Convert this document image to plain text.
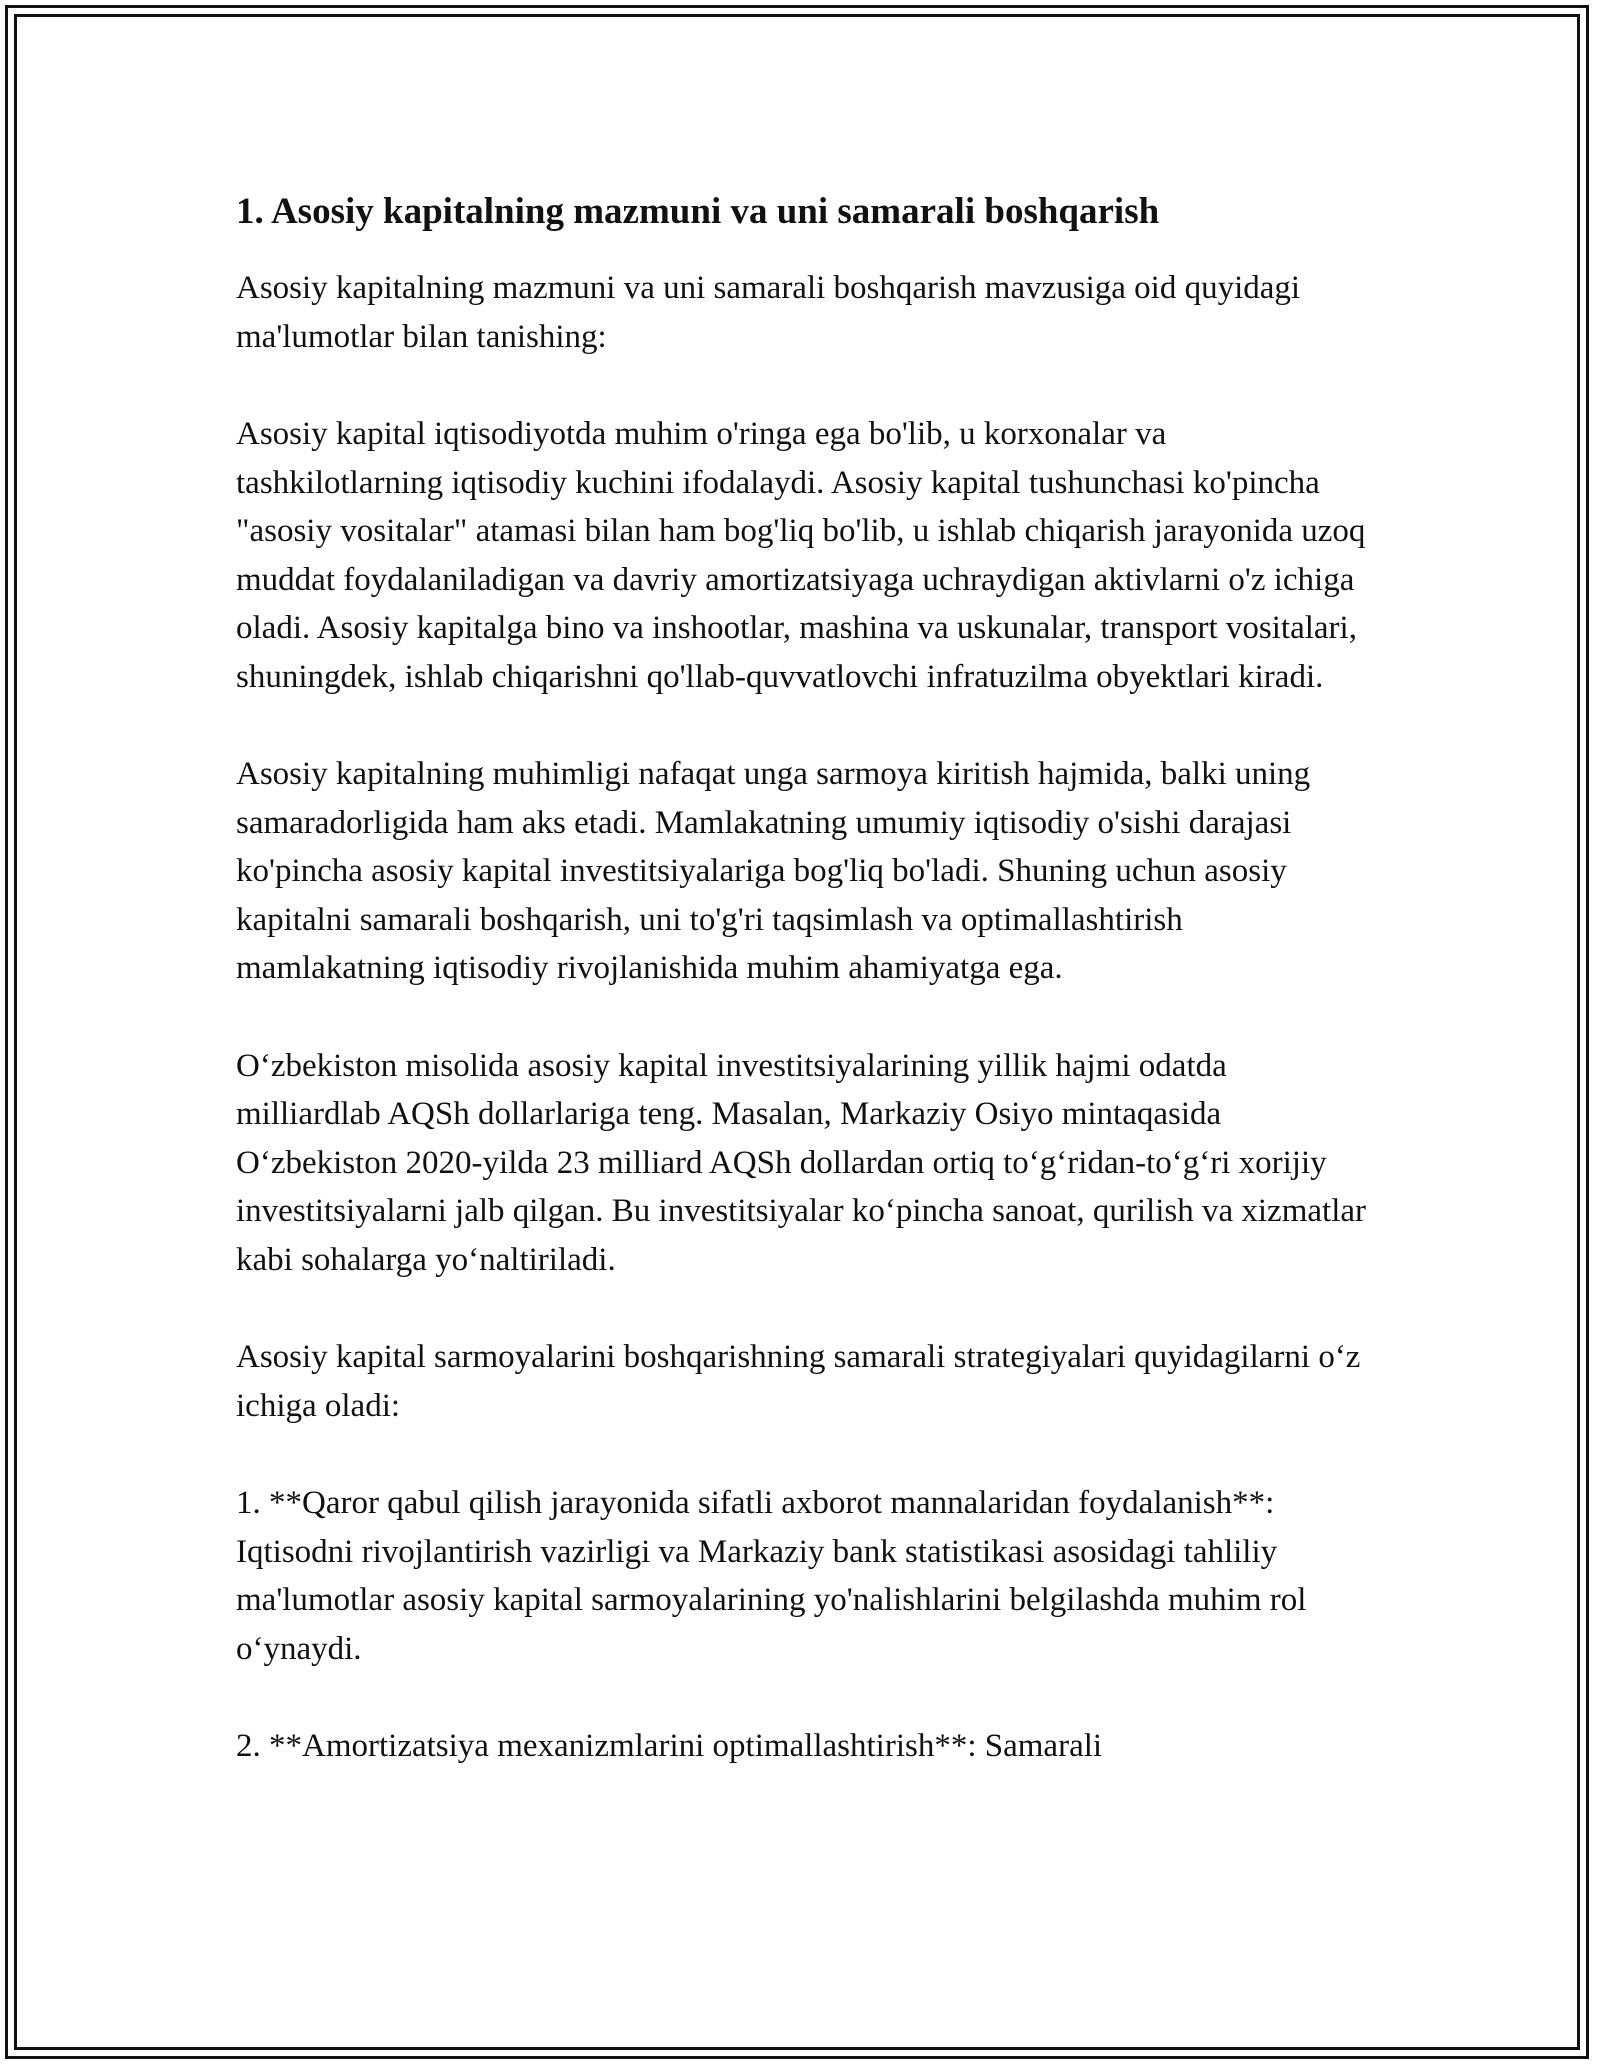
1. Asosiy kapitalning mazmuni va uni samarali boshqarish

Asosiy kapitalning mazmuni va uni samarali boshqarish mavzusiga oid quyidagi ma'lumotlar bilan tanishing:

Asosiy kapital iqtisodiyotda muhim o'ringa ega bo'lib, u korxonalar va tashkilotlarning iqtisodiy kuchini ifodalaydi. Asosiy kapital tushunchasi ko'pincha "asosiy vositalar" atamasi bilan ham bog'liq bo'lib, u ishlab chiqarish jarayonida uzoq muddat foydalaniladigan va davriy amortizatsiyaga uchraydigan aktivlarni o'z ichiga oladi. Asosiy kapitalga bino va inshootlar, mashina va uskunalar, transport vositalari, shuningdek, ishlab chiqarishni qo'llab-quvvatlovchi infratuzilma obyektlari kiradi.

Asosiy kapitalning muhimligi nafaqat unga sarmoya kiritish hajmida, balki uning samaradorligida ham aks etadi. Mamlakatning umumiy iqtisodiy o'sishi darajasi ko'pincha asosiy kapital investitsiyalariga bog'liq bo'ladi. Shuning uchun asosiy kapitalni samarali boshqarish, uni to'g'ri taqsimlash va optimallashtirish mamlakatning iqtisodiy rivojlanishida muhim ahamiyatga ega.

O‘zbekiston misolida asosiy kapital investitsiyalarining yillik hajmi odatda milliardlab AQSh dollarlariga teng. Masalan, Markaziy Osiyo mintaqasida O‘zbekiston 2020-yilda 23 milliard AQSh dollardan ortiq to‘g‘ridan-to‘g‘ri xorijiy investitsiyalarni jalb qilgan. Bu investitsiyalar ko‘pincha sanoat, qurilish va xizmatlar kabi sohalarga yo‘naltiriladi.

Asosiy kapital sarmoyalarini boshqarishning samarali strategiyalari quyidagilarni o‘z ichiga oladi:

1. **Qaror qabul qilish jarayonida sifatli axborot mannalaridan foydalanish**: Iqtisodni rivojlantirish vazirligi va Markaziy bank statistikasi asosidagi tahliliy ma'lumotlar asosiy kapital sarmoyalarining yo'nalishlarini belgilashda muhim rol o‘ynaydi.

2. **Amortizatsiya mexanizmlarini optimallashtirish**: Samarali
